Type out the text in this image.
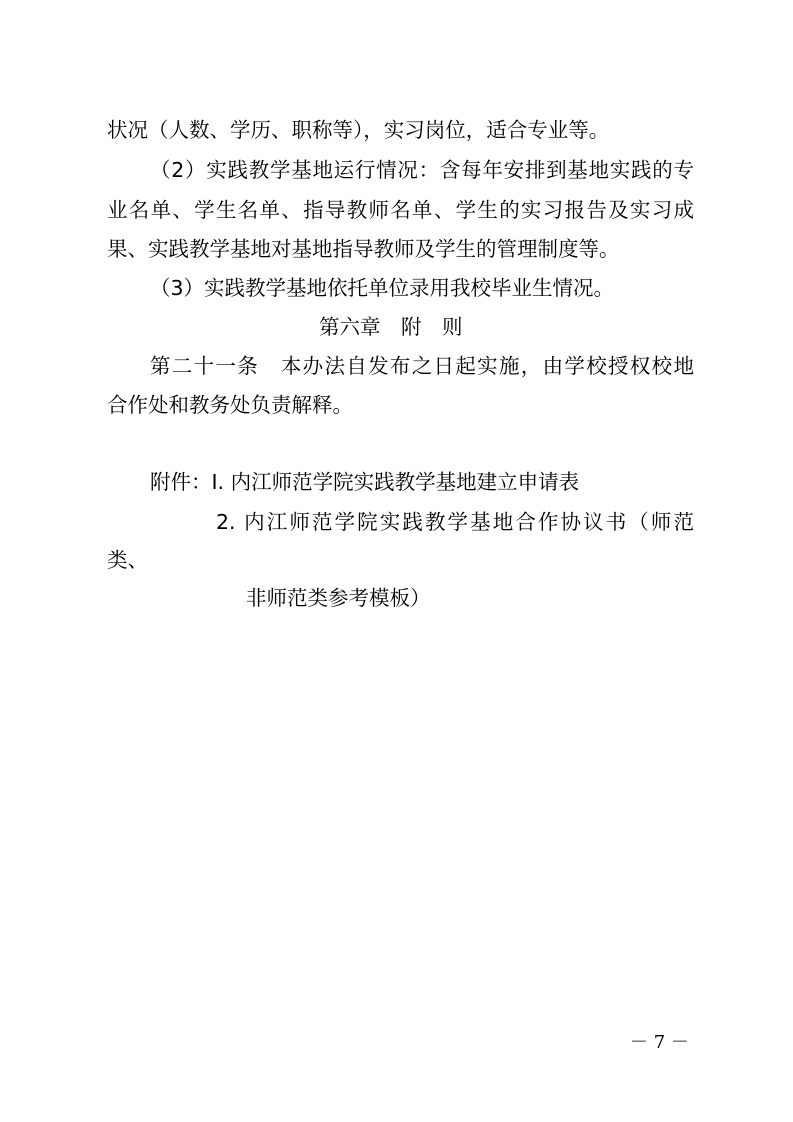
状况（人数、学历、职称等），实习岗位，适合专业等。

（2）实践教学基地运行情况：含每年安排到基地实践的专

业名单、学生名单、指导教师名单、学生的实习报告及实习成

果、实践教学基地对基地指导教师及学生的管理制度等。

（3）实践教学基地依托单位录用我校毕业生情况。

第六章　附　则

第二十一条　本办法自发布之日起实施，由学校授权校地

合作处和教务处负责解释。

附件：I. 内江师范学院实践教学基地建立申请表

2. 内江师范学院实践教学基地合作协议书（师范

类、

非师范类参考模板）

－ 7 －
